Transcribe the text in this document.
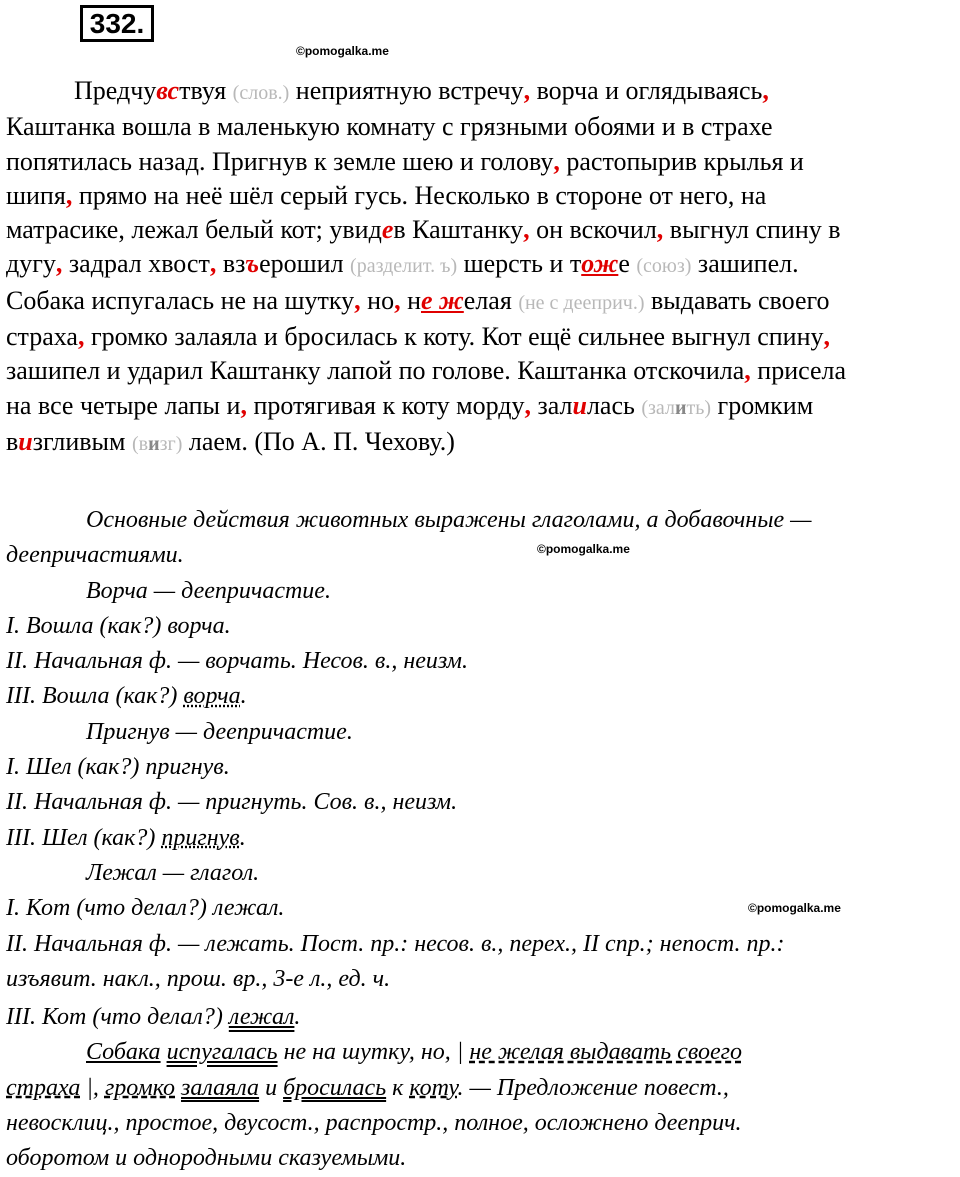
332.
©pomogalka.me
©pomogalka.me
©pomogalka.me

Предчувствуя (слов.) неприятную встречу, ворча и оглядываясь,

Каштанка вошла в маленькую комнату с грязными обоями и в страхе

попятилась назад. Пригнув к земле шею и голову, растопырив крылья и

шипя, прямо на неё шёл серый гусь. Несколько в стороне от него, на

матрасике, лежал белый кот; увидев Каштанку, он вскочил, выгнул спину в

дугу, задрал хвост, взъерошил (разделит. ъ) шерсть и тоже (союз) зашипел.

Собака испугалась не на шутку, но, не желая (не с дееприч.) выдавать своего

страха, громко залаяла и бросилась к коту. Кот ещё сильнее выгнул спину,

зашипел и ударил Каштанку лапой по голове. Каштанка отскочила, присела

на все четыре лапы и, протягивая к коту морду, залилась (залить) громким

визгливым (визг) лаем. (По А. П. Чехову.)

Основные действия животных выражены глаголами, а добавочные —

деепричастиями.

Ворча — деепричастие.

I. Вошла (как?) ворча.

II. Начальная ф. — ворчать. Несов. в., неизм.

III. Вошла (как?) ворча.

Пригнув — деепричастие.

I. Шел (как?) пригнув.

II. Начальная ф. — пригнуть. Сов. в., неизм.

III. Шел (как?) пригнув.

Лежал — глагол.

I. Кот (что делал?) лежал.

II. Начальная ф. — лежать. Пост. пр.: несов. в., перех., II спр.; непост. пр.:

изъявит. накл., прош. вр., 3-е л., ед. ч.

III. Кот (что делал?) лежал.

Собака испугалась не на шутку, но, | не желая выдавать своего

страха |, громко залаяла и бросилась к коту. — Предложение повест.,

невосклиц., простое, двусост., распростр., полное, осложнено дееприч.

оборотом и однородными сказуемыми.
